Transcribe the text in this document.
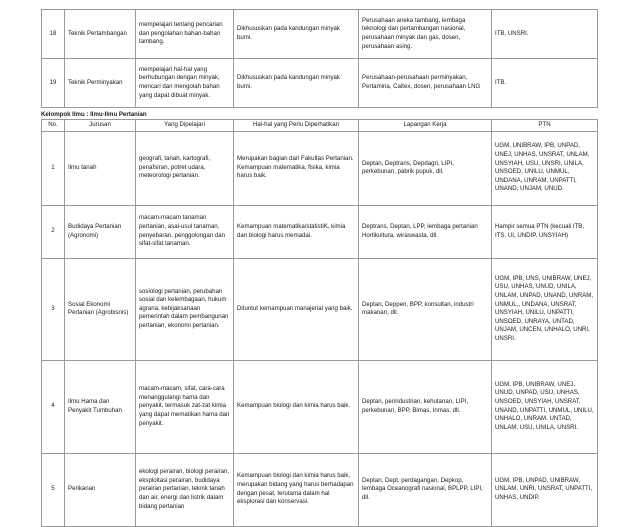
18	Teknik Pertambangan	mempelajari tentang pencarian dan pengolahan bahan-bahan tambang.	Dikhususkan pada kandungan minyak bumi.	Perusahaan aneka tambang, lembaga teknologi dan pertambangan nasional, perusahaan minyak dan gas, dosen, perusahaan asing.	ITB, UNSRI.
19	Teknik Perminyakan	mempelajari hal-hal yang berhubungan dengan minyak, mencari dan mengolah bahan yang dapat dibuat minyak.	Dikhususkan pada kandungan minyak bumi.	Perusahaan-perusahaan perminyakan, Pertamina, Caltex, dosen, perusahaan LNG	ITB.
Kelompok Ilmu : Ilmu-Ilmu Pertanian
No.	Jurusan	Yang Dipelajari	Hal-hal yang Perlu Diperhatikan	Lapangan Kerja	PTN
1	Ilmu tanah	geografi, tanah, kartografi, penafsiran, potret udara, meteorologi pertanian.	Merupakan bagian dari Fakultas Pertanian. Kemampuan matematika, fisika, kimia harus baik.	Deptan, Deptrans, Depdagri, LIPI, perkebunan, pabrik pupuk, dll.	UGM, UNIBRAW, IPB, UNPAD, UNEJ, UNHAS, UNSRAT, UNLAM, UNSYIAH, USU, UNSRI, UNILA, UNSOED, UNILU, UNMUL, UNDANA, UNRAM, UNPATTI, UNAND, UNJAM, UNUD.
2	Budidaya Pertanian (Agronomi)	macam-macam tanaman pertanian, asal-usul tanaman, penyebaran, penggolongan dan sifat-sifat tanaman.	Kemampuan matematika/statistiK, kimia dan biologi harus memadai.	Deptrans, Deptan, LPP, lembaga pertanian Hortikultura, wiraswasta, dll.	Hampir semua PTN (kecuali ITB, ITS, UI, UNDIP, UNSYIAH)
3	Sosial Ekonomi Pertanian (Agrobisnis)	sosiologi pertanian, perubahan sosial dan kelembagaan, hukum agraria, kebijaksanaan pemerintah dalam pembangunan pertanian, ekonomi pertanian.	Dituntut kemampuan manajerial yang baik.	Deptan, Deppen, BPP, konsultan, industri makanan, dll.	UGM, IPB, UNS, UNIBRAW, UNEJ, USU, UNHAS, UNUD, UNILA, UNLAM, UNPAD, UNAND, UNRAM, UNMUL,, UNDANA, UNSRAT, UNSYIAH, UNILU, UNPATTI, UNSOED, UNRAYA, UNTAD, UNJAM, UNCEN, UNHALO, UNRI, UNSRI.
4	Ilmu Hama dan Penyakit Tumbuhan	macam-macam, sifat, cara-cara menanggulangi hama dan penyakit, termasuk zat-zat kimia yang dapat mematikan hama dan penyakit.	Kemampuan biologi dan kimia harus baik.	Deptan, perindustrian, kehutanan, LIPI, perkebunan, BPP, Bimas, Inmas, dll.	UGM, IPB, UNIBRAW, UNEJ, UNUD, UNPAD, USU, UNHAS, UNSOED, UNSYIAH, UNSRAT, UNAND, UNPATTI, UNMUL, UNILU, UNHALO, UNRAM, UNTAD, UNLAM, USU, UNILA, UNSRI.
5	Perikanan	ekologi perairan, biologi perairan, eksploitasi perairan, budidaya perairan pertanian, teknik tanah dan air, energi dan listrik dalam bidang pertanian	Kemampuan biologi dan kimia harus baik, merupakan bidang yang harus berhadapan dengan pesat, terutama dalam hal eksplorasi dan konservasi.	Deptan, Dept. perdagangan, Depkop, lembaga Oceanografi nasional, BPLPP, LIPI, dll.	UGM, IPB, UNPAD, UNIBRAW, UNLAM, UNRI, UNSRAT, UNPATTI, UNHAS, UNDIP.
